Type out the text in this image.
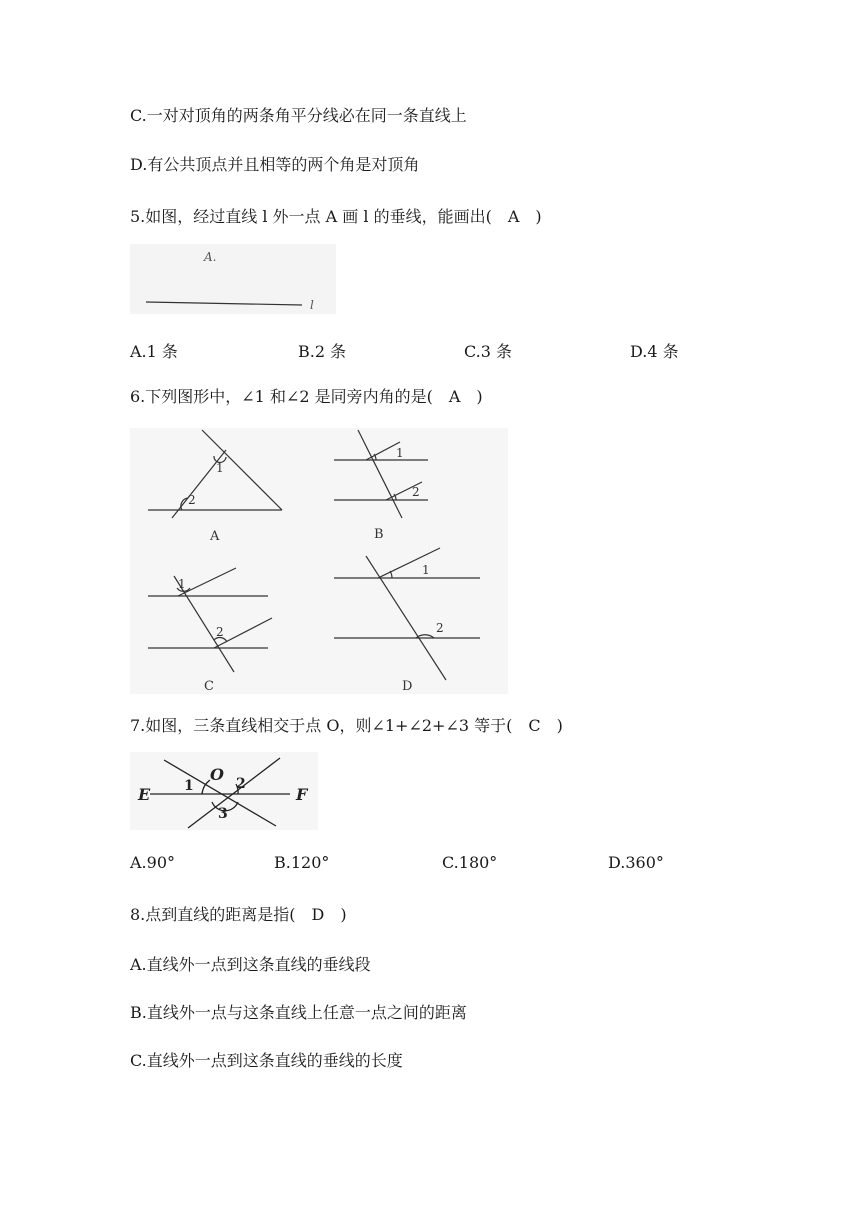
C.一对对顶角的两条角平分线必在同一条直线上
D.有公共顶点并且相等的两个角是对顶角
5.如图，经过直线 l 外一点 A 画 l 的垂线，能画出(　A　)
A.
l
A.1 条	B.2 条	C.3 条	D.4 条
6.下列图形中，∠1 和∠2 是同旁内角的是(　A　)
1
2
A
1
2
B
1
2
C
1
2
D
7.如图，三条直线相交于点 O，则∠1+∠2+∠3 等于(　C　)
E	F
O
1	2
3
A.90°	B.120°	C.180°	D.360°
8.点到直线的距离是指(　D　)
A.直线外一点到这条直线的垂线段
B.直线外一点与这条直线上任意一点之间的距离
C.直线外一点到这条直线的垂线的长度
